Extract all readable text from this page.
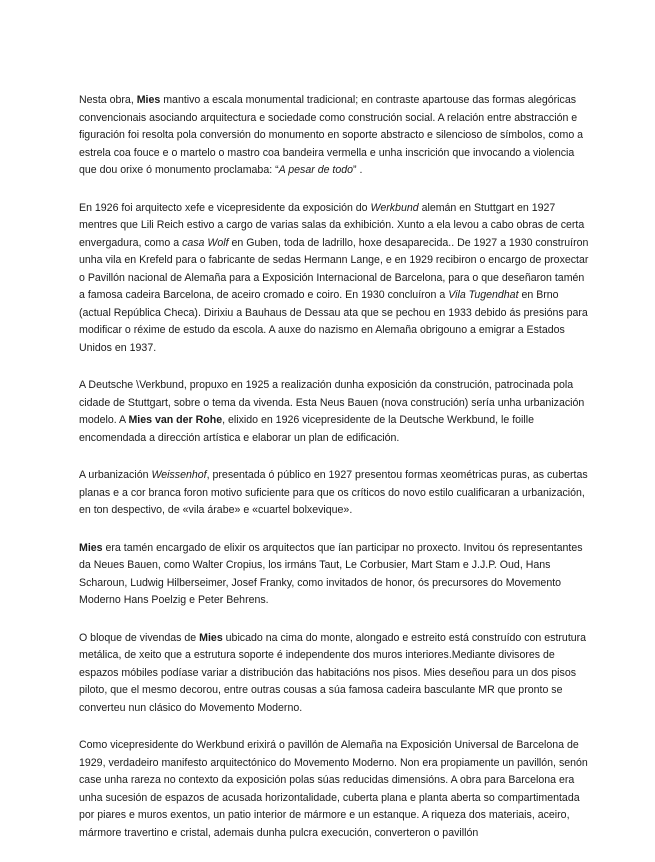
Nesta obra, Mies mantivo a escala monumental tradicional; en contraste apartouse das formas alegóricas convencionais asociando arquitectura e sociedade como construción social. A relación entre abstracción e figuración foi resolta pola conversión do monumento en soporte abstracto e silencioso de símbolos, como a estrela coa fouce e o martelo o mastro coa bandeira vermella e unha inscrición que invocando a violencia que dou orixe ó monumento proclamaba: “A pesar de todo” .

En 1926 foi arquitecto xefe e vicepresidente da exposición do Werkbund alemán en Stuttgart en 1927 mentres que Lili Reich estivo a cargo de varias salas da exhibición. Xunto a ela levou a cabo obras de certa envergadura, como a casa Wolf en Guben, toda de ladrillo, hoxe desaparecida.. De 1927 a 1930 construíron unha vila en Krefeld para o fabricante de sedas Hermann Lange, e en 1929 recibiron o encargo de proxectar o Pavillón nacional de Alemaña para a Exposición Internacional de Barcelona, para o que deseñaron tamén a famosa cadeira Barcelona, de aceiro cromado e coiro. En 1930 concluíron a Vila Tugendhat en Brno (actual República Checa). Dirixiu a Bauhaus de Dessau ata que se pechou en 1933 debido ás presións para modificar o réxime de estudo da escola. A auxe do nazismo en Alemaña obrigouno a emigrar a Estados Unidos en 1937.

A Deutsche \Verkbund, propuxo en 1925 a realización dunha exposición da construción, patrocinada pola cidade de Stuttgart, sobre o tema da vivenda. Esta Neus Bauen (nova construción) sería unha urbanización modelo. A Mies van der Rohe, elixido en 1926 vicepresidente de la Deutsche Werkbund, le foille encomendada a dirección artística e elaborar un plan de edificación.

A urbanización Weissenhof, presentada ó público en 1927 presentou formas xeométricas puras, as cubertas planas e a cor branca foron motivo suficiente para que os críticos do novo estilo cualificaran a urbanización, en ton despectivo, de «vila árabe» e «cuartel bolxevique».

Mies era tamén encargado de elixir os arquitectos que ían participar no proxecto. Invitou ós representantes da Neues Bauen, como Walter Cropius, los irmáns Taut, Le Corbusier, Mart Stam e J.J.P. Oud, Hans Scharoun, Ludwig Hilberseimer, Josef Franky, como invitados de honor, ós precursores do Movemento Moderno Hans Poelzig e Peter Behrens.

O bloque de vivendas de Mies ubicado na cima do monte, alongado e estreito está construído con estrutura metálica, de xeito que a estrutura soporte é independente dos muros interiores.Mediante divisores de espazos móbiles podíase variar a distribución das habitacións nos pisos. Mies deseñou para un dos pisos piloto, que el mesmo decorou, entre outras cousas a súa famosa cadeira basculante MR que pronto se converteu nun clásico do Movemento Moderno.

Como vicepresidente do Werkbund erixirá o pavillón de Alemaña na Exposición Universal de Barcelona de 1929, verdadeiro manifesto arquitectónico do Movemento Moderno. Non era propiamente un pavillón, senón case unha rareza no contexto da exposición polas súas reducidas dimensións. A obra para Barcelona era unha sucesión de espazos de acusada horizontalidade, cuberta plana e planta aberta so compartimentada por piares e muros exentos, un patio interior de mármore e un estanque. A riqueza dos materiais, aceiro, mármore travertino e cristal, ademais dunha pulcra execución, converteron o pavillón
